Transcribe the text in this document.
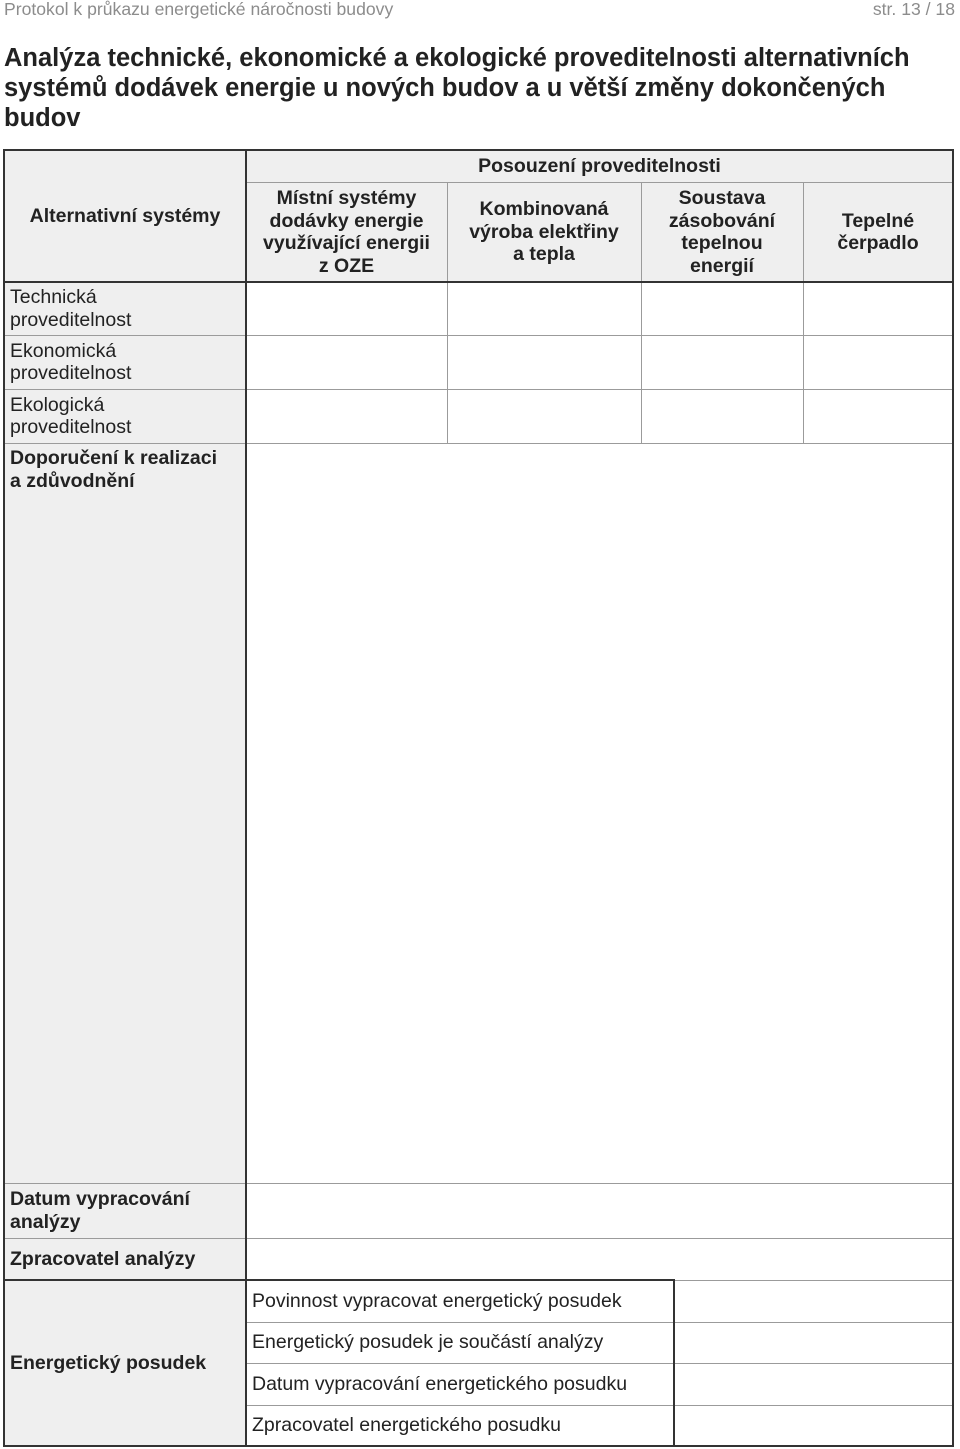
Protokol k průkazu energetické náročnosti budovy	str. 13 / 18
Analýza technické, ekonomické a ekologické proveditelnosti alternativních systémů dodávek energie u nových budov a u větší změny dokončených budov
Alternativní systémy
Posouzení proveditelnosti
Místní systémy dodávky energie využívající energii z OZE
Kombinovaná výroba elektřiny a tepla
Soustava zásobování tepelnou energií
Tepelné čerpadlo
Technická proveditelnost
Ekonomická proveditelnost
Ekologická proveditelnost
Doporučení k realizaci a zdůvodnění
Datum vypracování analýzy
Zpracovatel analýzy
Energetický posudek
Povinnost vypracovat energetický posudek
Energetický posudek je součástí analýzy
Datum vypracování energetického posudku
Zpracovatel energetického posudku
